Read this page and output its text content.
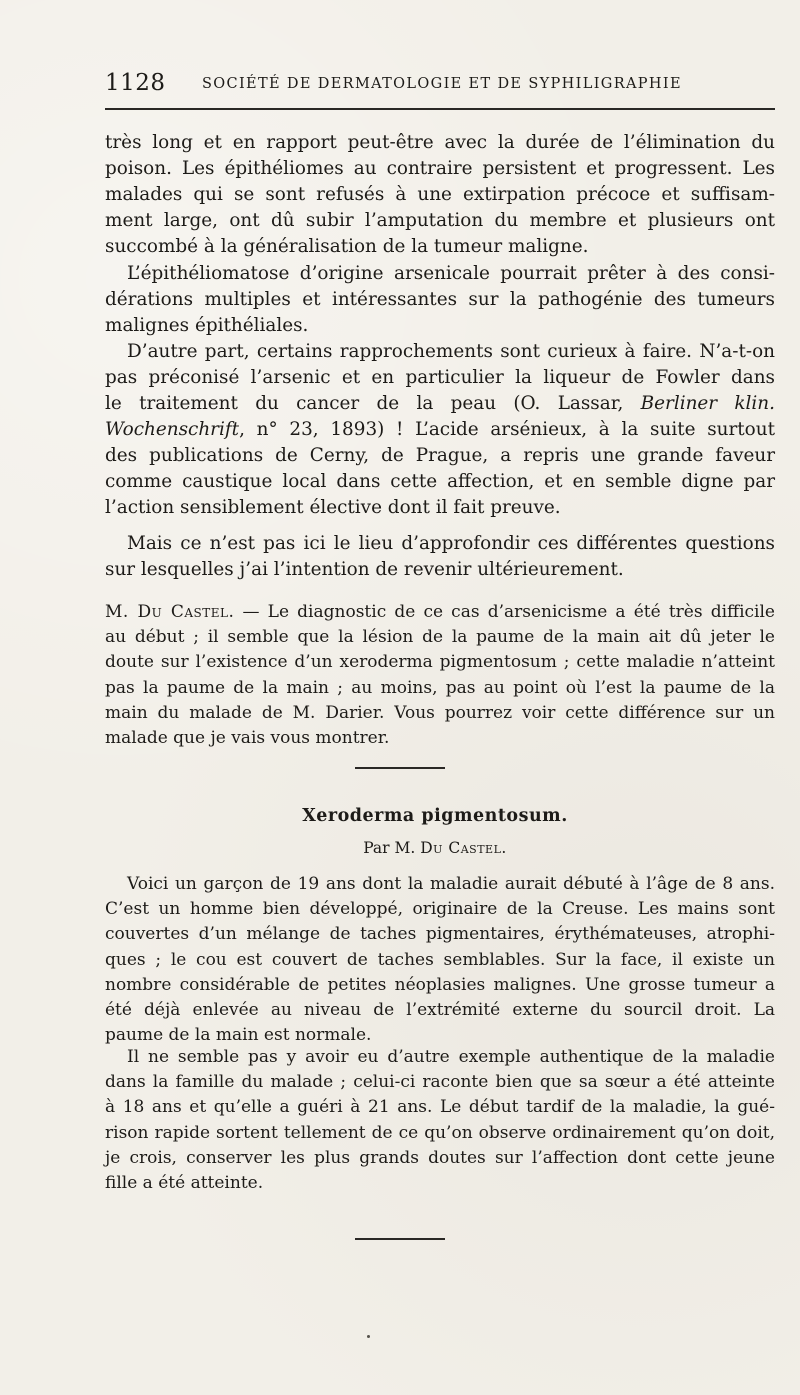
1128	SOCIÉTÉ DE DERMATOLOGIE ET DE SYPHILIGRAPHIE
très long et en rapport peut-être avec la durée de l’élimination du
poison. Les épithéliomes au contraire persistent et progressent. Les
malades qui se sont refusés à une extirpation précoce et suffisam-
ment large, ont dû subir l’amputation du membre et plusieurs ont
succombé à la généralisation de la tumeur maligne.
L’épithéliomatose d’origine arsenicale pourrait prêter à des consi-
dérations multiples et intéressantes sur la pathogénie des tumeurs
malignes épithéliales.
D’autre part, certains rapprochements sont curieux à faire. N’a-t-on
pas préconisé l’arsenic et en particulier la liqueur de Fowler dans
le traitement du cancer de la peau (O. Lassar, Berliner klin.
Wochenschrift, n° 23, 1893) ! L’acide arsénieux, à la suite surtout
des publications de Cerny, de Prague, a repris une grande faveur
comme caustique local dans cette affection, et en semble digne par
l’action sensiblement élective dont il fait preuve.
Mais ce n’est pas ici le lieu d’approfondir ces différentes questions
sur lesquelles j’ai l’intention de revenir ultérieurement.
M. Du Castel. — Le diagnostic de ce cas d’arsenicisme a été très difficile
au début ; il semble que la lésion de la paume de la main ait dû jeter le
doute sur l’existence d’un xeroderma pigmentosum ; cette maladie n’atteint
pas la paume de la main ; au moins, pas au point où l’est la paume de la
main du malade de M. Darier. Vous pourrez voir cette différence sur un
malade que je vais vous montrer.
Xeroderma pigmentosum.
Par M. Du Castel.
Voici un garçon de 19 ans dont la maladie aurait débuté à l’âge de 8 ans.
C’est un homme bien développé, originaire de la Creuse. Les mains sont
couvertes d’un mélange de taches pigmentaires, érythémateuses, atrophi-
ques ; le cou est couvert de taches semblables. Sur la face, il existe un
nombre considérable de petites néoplasies malignes. Une grosse tumeur a
été déjà enlevée au niveau de l’extrémité externe du sourcil droit. La
paume de la main est normale.
Il ne semble pas y avoir eu d’autre exemple authentique de la maladie
dans la famille du malade ; celui-ci raconte bien que sa sœur a été atteinte
à 18 ans et qu’elle a guéri à 21 ans. Le début tardif de la maladie, la gué-
rison rapide sortent tellement de ce qu’on observe ordinairement qu’on doit,
je crois, conserver les plus grands doutes sur l’affection dont cette jeune
fille a été atteinte.
